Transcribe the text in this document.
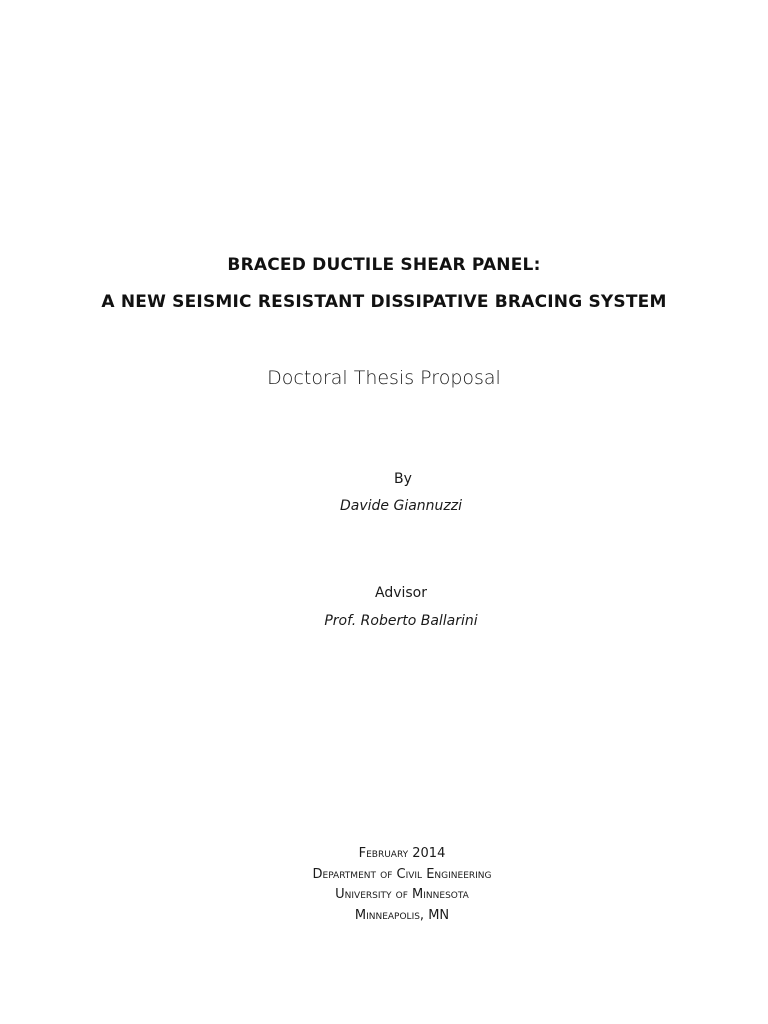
BRACED DUCTILE SHEAR PANEL:
A NEW SEISMIC RESISTANT DISSIPATIVE BRACING SYSTEM
Doctoral Thesis Proposal
By
Davide Giannuzzi
Advisor
Prof. Roberto Ballarini
February 2014
Department of Civil Engineering
University of Minnesota
Minneapolis, MN
